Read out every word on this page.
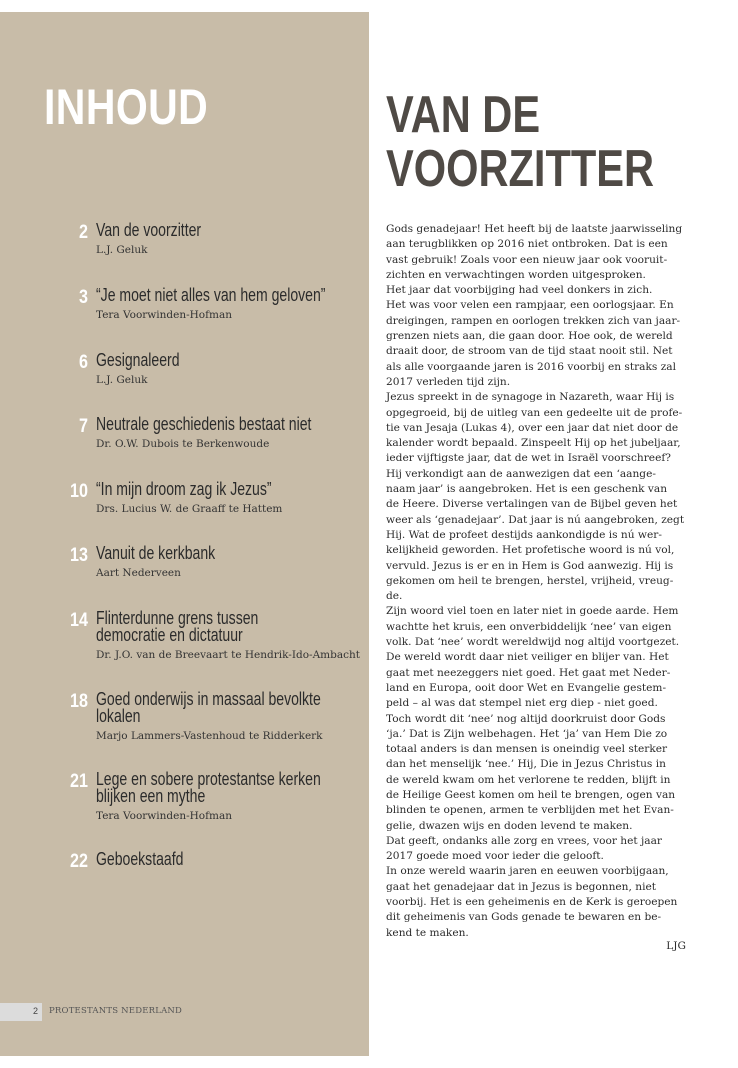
INHOUD
2 Van de voorzitter
L.J. Geluk
3 “Je moet niet alles van hem geloven”
Tera Voorwinden-Hofman
6 Gesignaleerd
L.J. Geluk
7 Neutrale geschiedenis bestaat niet
Dr. O.W. Dubois te Berkenwoude
10 “In mijn droom zag ik Jezus”
Drs. Lucius W. de Graaff te Hattem
13 Vanuit de kerkbank
Aart Nederveen
14 Flinterdunne grens tussen democratie en dictatuur
Dr. J.O. van de Breevaart te Hendrik-Ido-Ambacht
18 Goed onderwijs in massaal bevolkte lokalen
Marjo Lammers-Vastenhoud te Ridderkerk
21 Lege en sobere protestantse kerken blijken een mythe
Tera Voorwinden-Hofman
22 Geboekstaafd
2 PROTESTANTS NEDERLAND
VAN DE
VOORZITTER

Gods genadejaar! Het heeft bij de laatste jaarwisseling

aan terugblikken op 2016 niet ontbroken. Dat is een

vast gebruik! Zoals voor een nieuw jaar ook vooruit-

zichten en verwachtingen worden uitgesproken.

Het jaar dat voorbijging had veel donkers in zich.

Het was voor velen een rampjaar, een oorlogsjaar. En

dreigingen, rampen en oorlogen trekken zich van jaar-

grenzen niets aan, die gaan door. Hoe ook, de wereld

draait door, de stroom van de tijd staat nooit stil. Net

als alle voorgaande jaren is 2016 voorbij en straks zal

2017 verleden tijd zijn.

Jezus spreekt in de synagoge in Nazareth, waar Hij is

opgegroeid, bij de uitleg van een gedeelte uit de profe-

tie van Jesaja (Lukas 4), over een jaar dat niet door de

kalender wordt bepaald. Zinspeelt Hij op het jubeljaar,

ieder vijftigste jaar, dat de wet in Israël voorschreef?

Hij verkondigt aan de aanwezigen dat een ‘aange-

naam jaar’ is aangebroken. Het is een geschenk van

de Heere. Diverse vertalingen van de Bijbel geven het

weer als ‘genadejaar’. Dat jaar is nú aangebroken, zegt

Hij. Wat de profeet destijds aankondigde is nú wer-

kelijkheid geworden. Het profetische woord is nú vol,

vervuld. Jezus is er en in Hem is God aanwezig. Hij is

gekomen om heil te brengen, herstel, vrijheid, vreug-

de.

Zijn woord viel toen en later niet in goede aarde. Hem

wachtte het kruis, een onverbiddelijk ‘nee’ van eigen

volk. Dat ‘nee’ wordt wereldwijd nog altijd voortgezet.

De wereld wordt daar niet veiliger en blijer van. Het

gaat met neezeggers niet goed. Het gaat met Neder-

land en Europa, ooit door Wet en Evangelie gestem-

peld – al was dat stempel niet erg diep - niet goed.

Toch wordt dit ‘nee’ nog altijd doorkruist door Gods

‘ja.’ Dat is Zijn welbehagen. Het ‘ja’ van Hem Die zo

totaal anders is dan mensen is oneindig veel sterker

dan het menselijk ‘nee.’ Hij, Die in Jezus Christus in

de wereld kwam om het verlorene te redden, blijft in

de Heilige Geest komen om heil te brengen, ogen van

blinden te openen, armen te verblijden met het Evan-

gelie, dwazen wijs en doden levend te maken.

Dat geeft, ondanks alle zorg en vrees, voor het jaar

2017 goede moed voor ieder die gelooft.

In onze wereld waarin jaren en eeuwen voorbijgaan,

gaat het genadejaar dat in Jezus is begonnen, niet

voorbij. Het is een geheimenis en de Kerk is geroepen

dit geheimenis van Gods genade te bewaren en be-

kend te maken.

LJG
